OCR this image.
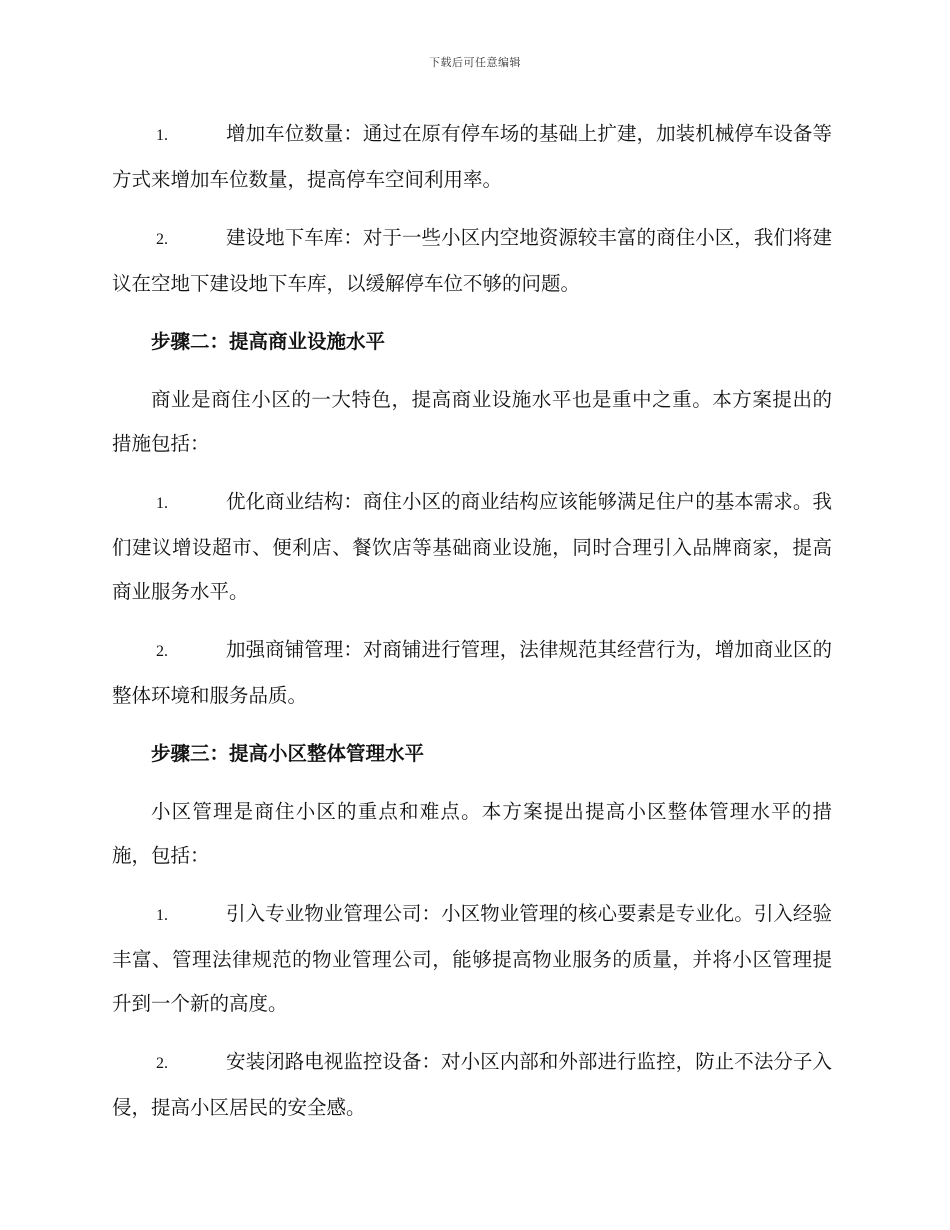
下载后可任意编辑

1.	增加车位数量：通过在原有停车场的基础上扩建，加装机械停车设备等方式来增加车位数量，提高停车空间利用率。

2.	建设地下车库：对于一些小区内空地资源较丰富的商住小区，我们将建议在空地下建设地下车库，以缓解停车位不够的问题。

步骤二：提高商业设施水平

商业是商住小区的一大特色，提高商业设施水平也是重中之重。本方案提出的措施包括：

1.	优化商业结构：商住小区的商业结构应该能够满足住户的基本需求。我们建议增设超市、便利店、餐饮店等基础商业设施，同时合理引入品牌商家，提高商业服务水平。

2.	加强商铺管理：对商铺进行管理，法律规范其经营行为，增加商业区的整体环境和服务品质。

步骤三：提高小区整体管理水平

小区管理是商住小区的重点和难点。本方案提出提高小区整体管理水平的措施，包括：

1.	引入专业物业管理公司：小区物业管理的核心要素是专业化。引入经验丰富、管理法律规范的物业管理公司，能够提高物业服务的质量，并将小区管理提升到一个新的高度。

2.	安装闭路电视监控设备：对小区内部和外部进行监控，防止不法分子入侵，提高小区居民的安全感。
